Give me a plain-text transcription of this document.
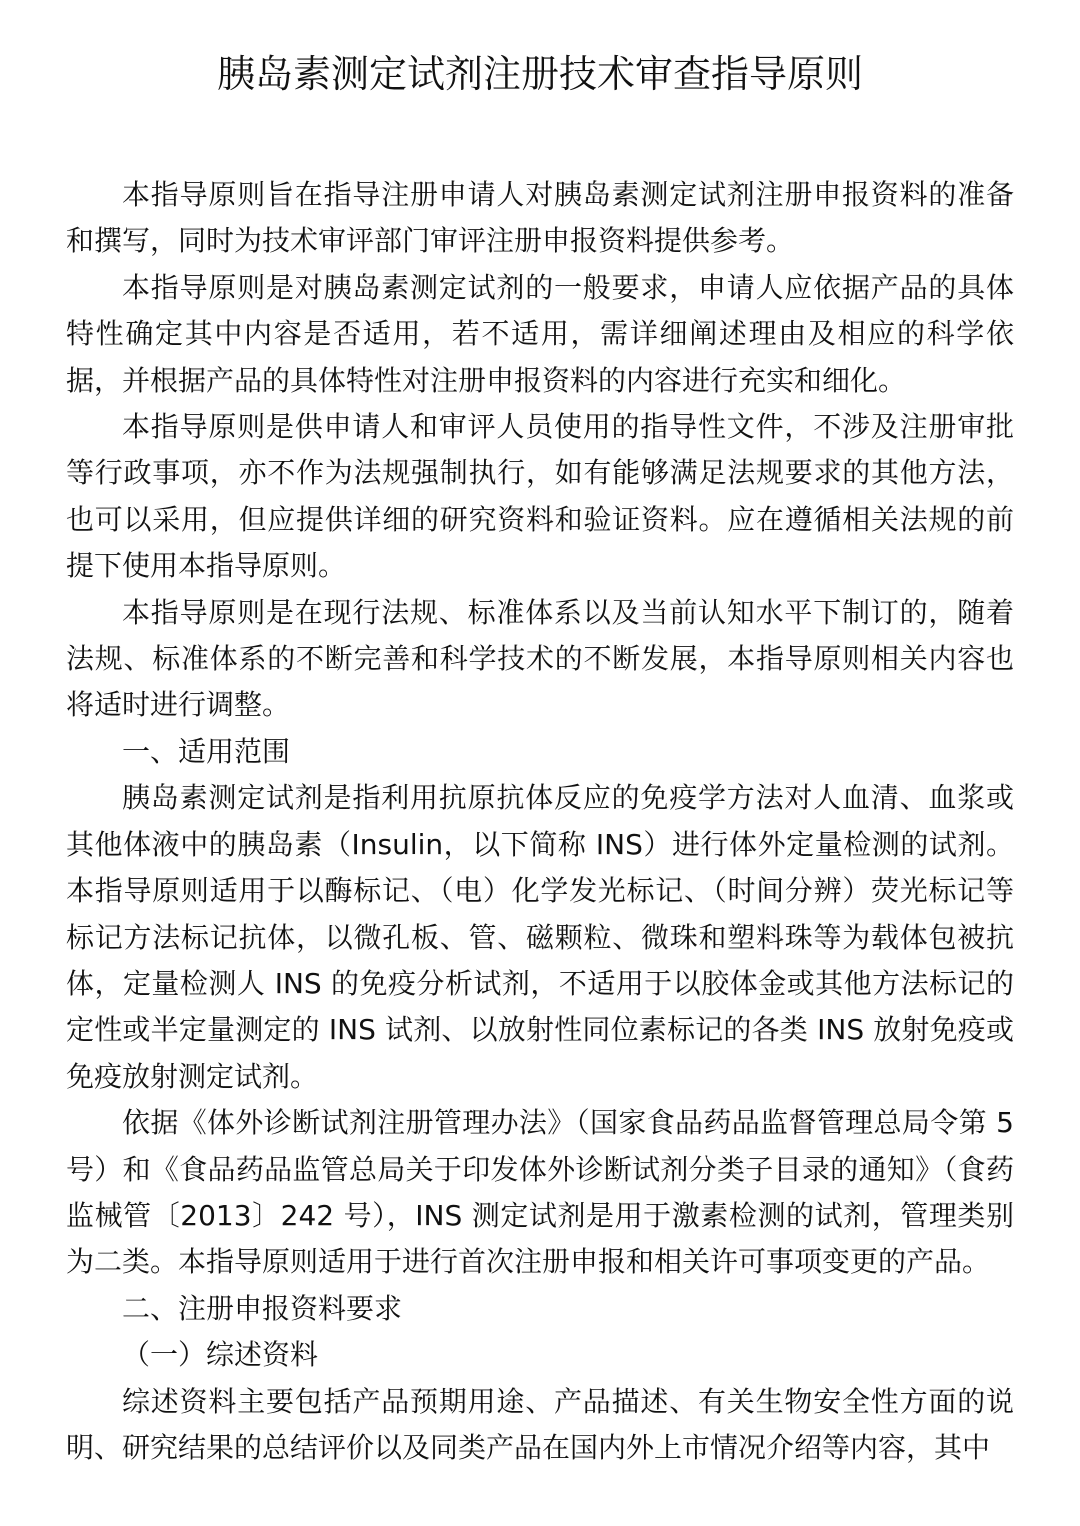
胰岛素测定试剂注册技术审查指导原则

本指导原则旨在指导注册申请人对胰岛素测定试剂注册申报资料的准备和撰写，同时为技术审评部门审评注册申报资料提供参考。

本指导原则是对胰岛素测定试剂的一般要求，申请人应依据产品的具体特性确定其中内容是否适用，若不适用，需详细阐述理由及相应的科学依据，并根据产品的具体特性对注册申报资料的内容进行充实和细化。

本指导原则是供申请人和审评人员使用的指导性文件，不涉及注册审批等行政事项，亦不作为法规强制执行，如有能够满足法规要求的其他方法，也可以采用，但应提供详细的研究资料和验证资料。应在遵循相关法规的前提下使用本指导原则。

本指导原则是在现行法规、标准体系以及当前认知水平下制订的，随着法规、标准体系的不断完善和科学技术的不断发展，本指导原则相关内容也将适时进行调整。

一、适用范围

胰岛素测定试剂是指利用抗原抗体反应的免疫学方法对人血清、血浆或其他体液中的胰岛素（Insulin，以下简称 INS）进行体外定量检测的试剂。本指导原则适用于以酶标记、（电）化学发光标记、（时间分辨）荧光标记等标记方法标记抗体，以微孔板、管、磁颗粒、微珠和塑料珠等为载体包被抗体，定量检测人 INS 的免疫分析试剂，不适用于以胶体金或其他方法标记的定性或半定量测定的 INS 试剂、以放射性同位素标记的各类 INS 放射免疫或免疫放射测定试剂。

依据《体外诊断试剂注册管理办法》（国家食品药品监督管理总局令第 5 号）和《食品药品监管总局关于印发体外诊断试剂分类子目录的通知》（食药监械管〔2013〕242 号），INS 测定试剂是用于激素检测的试剂，管理类别为二类。本指导原则适用于进行首次注册申报和相关许可事项变更的产品。

二、注册申报资料要求

（一）综述资料

综述资料主要包括产品预期用途、产品描述、有关生物安全性方面的说明、研究结果的总结评价以及同类产品在国内外上市情况介绍等内容，其中
